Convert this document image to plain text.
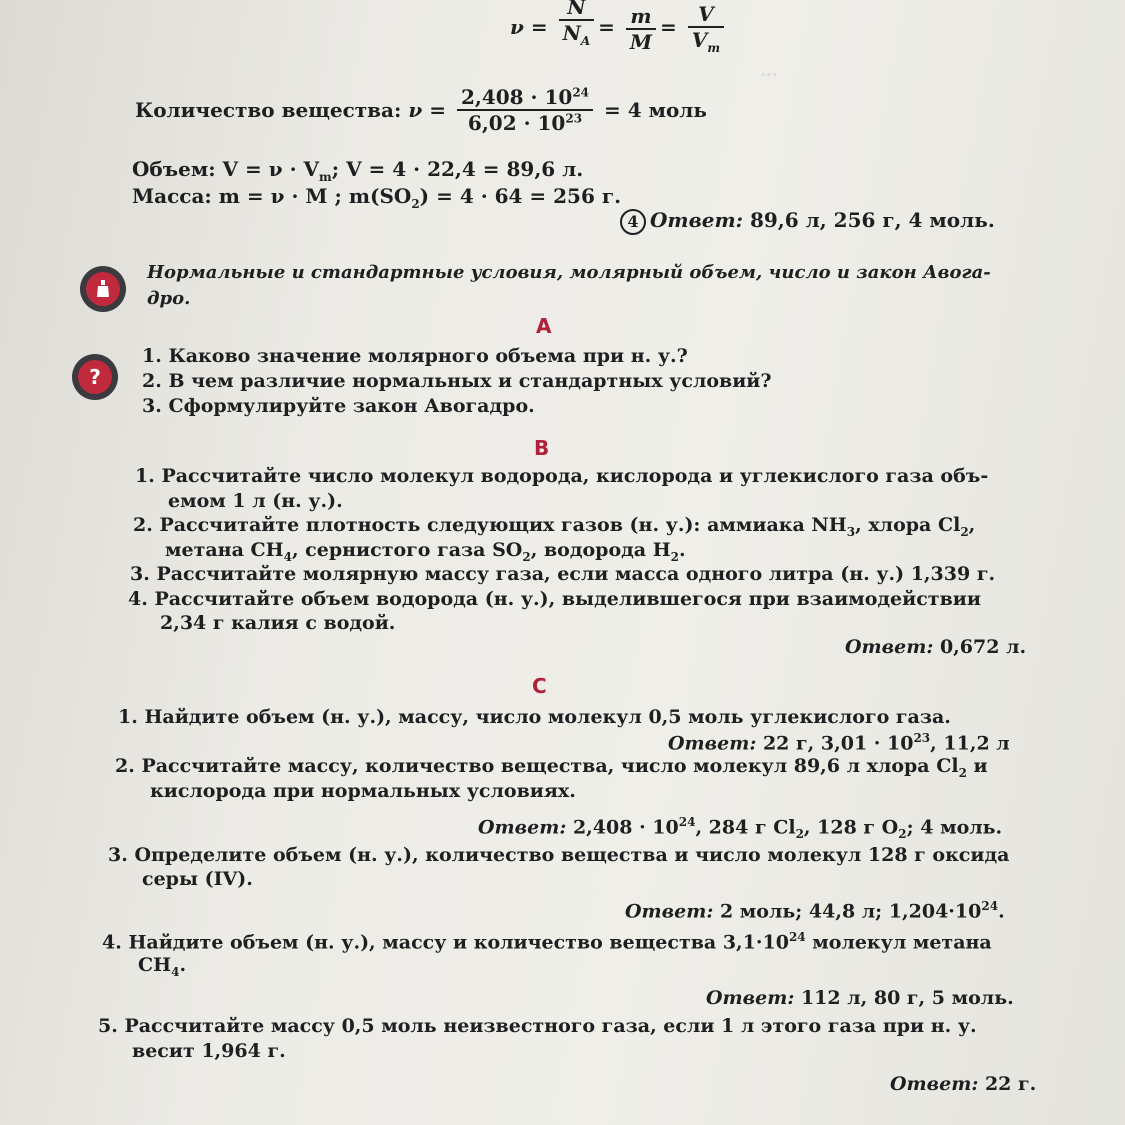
…
$\nu = \frac{N}{N_A} = \frac{m}{M} = \frac{V}{V_m}$
Количество вещества: $\nu = \frac{2,408 \cdot 10^{24}}{6,02 \cdot 10^{23}} = 4$ моль
Объем: $V = \nu \cdot V_m$; V = 4 · 22,4 = 89,6 л.
Масса: m = ν · M ; $m(SO_2) = 4 \cdot 64 = 256$ г.
4 Ответ: 89,6 л, 256 г, 4 моль.
Нормальные и стандартные условия, молярный объем, число и закон Авога-
дро.
А
?
1. Каково значение молярного объема при н. у.?
2. В чем различие нормальных и стандартных условий?
3. Сформулируйте закон Авогадро.
В
1. Рассчитайте число молекул водорода, кислорода и углекислого газа объ-
емом 1 л (н. у.).
2. Рассчитайте плотность следующих газов (н. у.): аммиака $NH_3$, хлора $Cl_2$,
метана $CH_4$, сернистого газа $SO_2$, водорода $H_2$.
3. Рассчитайте молярную массу газа, если масса одного литра (н. у.) 1,339 г.
4. Рассчитайте объем водорода (н. у.), выделившегося при взаимодействии
2,34 г калия с водой.
Ответ: 0,672 л.
С
1. Найдите объем (н. у.), массу, число молекул 0,5 моль углекислого газа.
Ответ: 22 г, $3,01 \cdot 10^{23}$, 11,2 л
2. Рассчитайте массу, количество вещества, число молекул 89,6 л хлора $Cl_2$ и
кислорода при нормальных условиях.
Ответ: $2,408 \cdot 10^{24}$, 284 г $Cl_2$, 128 г $O_2$; 4 моль.
3. Определите объем (н. у.), количество вещества и число молекул 128 г оксида
серы (IV).
Ответ: 2 моль; 44,8 л; $1,204\cdot 10^{24}$.
4. Найдите объем (н. у.), массу и количество вещества $3,1\cdot 10^{24}$ молекул метана
$CH_4$.
Ответ: 112 л, 80 г, 5 моль.
5. Рассчитайте массу 0,5 моль неизвестного газа, если 1 л этого газа при н. у.
весит 1,964 г.
Ответ: 22 г.
